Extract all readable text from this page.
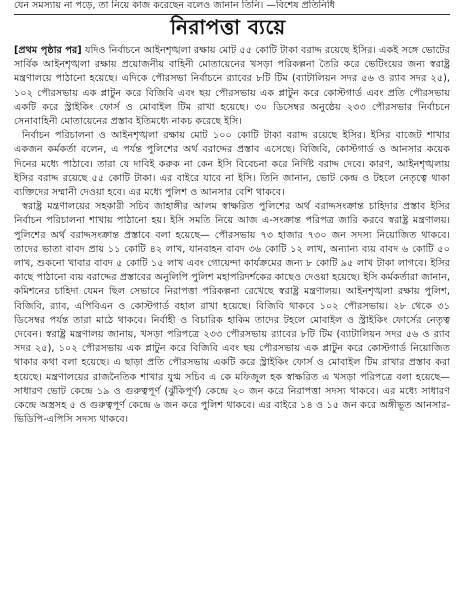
যেন সমস্যায় না পড়ে, তা নিয়ে কাজ করেছেন বলেও জানান তিনি। —বিশেষ প্রতিনিধি
নিরাপত্তা ব্যয়ে

[প্রথম পৃষ্ঠার পর] যদিও নির্বাচনে আইনশৃঙ্খলা রক্ষায় মোট ৫৫ কোটি টাকা বরাদ্দ রয়েছে ইসির। একই সঙ্গে ভোটের সার্বিক আইনশৃঙ্খলা রক্ষায় প্রয়োজনীয় বাহিনী মোতায়েনের খসড়া পরিকল্পনা তৈরি করে ভেটিংয়ের জন্য স্বরাষ্ট্র মন্ত্রণালয়ে পাঠানো হয়েছে। এদিকে পৌরসভা নির্বাচনে র‍্যাবের ৮টি টিম (ব্যাটালিয়ন সদর ৫৬ ও র‍্যাব সদর ২৫), ১০২ পৌরসভায় এক প্লাটুন করে বিজিবি এবং ছয় পৌরসভায় এক প্লাটুন করে কোস্টগার্ড এবং প্রতি পৌরসভায় একটি করে স্ট্রাইকিং ফোর্স ও মোবাইল টিম রাখা হয়েছে। ৩০ ডিসেম্বর অনুষ্ঠেয় ২৩৩ পৌরসভার নির্বাচনে সেনাবাহিনী মোতায়েনের প্রস্তাব ইতিমধ্যে নাকচ করেছে ইসি।

নির্বাচন পরিচালনা ও আইনশৃঙ্খলা রক্ষায় মোট ১০০ কোটি টাকা বরাদ্দ রয়েছে ইসির। ইসির বাজেট শাখার একজন কর্মকর্তা বলেন, এ পর্যন্ত পুলিশের অর্থ বরাদ্দের প্রস্তাব এসেছে। বিজিবি, কোস্টগার্ড ও আনসার কয়েক দিনের মধ্যে পাঠাবে। তারা যে দাবিই করুক না কেন ইসি বিবেচনা করে নির্দিষ্ট বরাদ্দ দেবে। কারণ, আইনশৃঙ্খলায় ইসির বরাদ্দ রয়েছে ৫৫ কোটি টাকা। এর বাইরে যাবে না ইসি। তিনি জানান, ভোট কেন্দ্র ও টহলে নেতৃত্বে থাকা ব্যক্তিদের সম্মানী দেওয়া হবে। এর মধ্যে পুলিশ ও আনসার বেশি থাকবে।

স্বরাষ্ট্র মন্ত্রণালয়ের সহকারী সচিব জাহাঙ্গীর আলম স্বাক্ষরিত পুলিশের অর্থ বরাদ্দসংক্রান্ত চাহিদার প্রস্তাব ইসির নির্বাচন পরিচালনা শাখায় পাঠানো হয়। ইসি সমতি নিয়ে আজ এ-সংক্রান্ত পরিপত্র জারি করবে স্বরাষ্ট্র মন্ত্রণালয়। পুলিশের অর্থ বরাদ্দসংক্রান্ত প্রস্তাবে বলা হয়েছে— পৌরসভায় ৭৩ হাজার ৭৩০ জন সদস্য নিয়োজিত থাকবে। তাদের ভাতা বাবদ প্রায় ১১ কোটি ৪২ লাখ, যানবাহন বাবদ ৩৬ কোটি ১২ লাখ, অন্যান্য ব্যয় বাবদ ৬ কোটি ৫০ লাখ, শুকনো খাবার বাবদ ৫ কোটি ১৫ লাখ এবং গোয়েন্দা কার্যক্রমের জন্য ৮ কোটি ৯৫ লাখ টাকা লাগবে। ইসির কাছে পাঠানো ব্যয় বরাদ্দের প্রস্তাবের অনুলিপি পুলিশ মহাপরিদর্শকের কাছেও দেওয়া হয়েছে। ইসি কর্মকর্তারা জানান, কমিশনের চাহিদা যেমন ছিল সেভাবে নিরাপত্তা পরিকল্পনা রেখেছে স্বরাষ্ট্র মন্ত্রণালয়। আইনশৃঙ্খলা রক্ষায় পুলিশ, বিজিবি, র‍্যাব, এপিবিএন ও কোস্টগার্ড বহাল রাখা হয়েছে। বিজিবি থাকবে ১০২ পৌরসভায়। ২৮ থেকে ৩১ ডিসেম্বর পর্যন্ত তারা মাঠে থাকবে। নির্বাহী ও বিচারিক হাকিম তাদের টহলে মোবাইল ও স্ট্রাইকিং ফোর্সের নেতৃত্ব দেবেন। স্বরাষ্ট্র মন্ত্রণালয় জানায়, খসড়া পরিপত্রে ২৩৩ পৌরসভায় র‍্যাবের ৮টি টিম (ব্যাটালিয়ন সদর ৫৬ ও র‍্যাব সদর ২৫), ১০২ পৌরসভায় এক প্লাটুন করে বিজিবি এবং ছয় পৌরসভায় এক প্লাটুন করে কোস্টগার্ড নিয়োজিত থাকার কথা বলা হয়েছে। এ ছাড়া প্রতি পৌরসভায় একটি করে স্ট্রাইকিং ফোর্স ও মোবাইল টিম রাখার প্রস্তাব করা হয়েছে। মন্ত্রণালয়ের রাজনৈতিক শাখার যুগ্ম সচিব এ কে মফিজুল হক স্বাক্ষরিত এ খসড়া পরিপত্রে বলা হয়েছে— সাধারণ ভোট কেন্দ্রে ১৯ ও গুরুত্বপূর্ণ (ঝুঁকিপূর্ণ) কেন্দ্রে ২০ জন করে নিরাপত্তা সদস্য থাকবে। এর মধ্যে সাধারণ কেন্দ্রে অস্ত্রসহ ৫ ও গুরুত্বপূর্ণ কেন্দ্রে ৬ জন করে পুলিশ থাকবে। এর বাইরে ১৪ ও ১৫ জন করে অঙ্গীভূত আনসার-ভিডিপি-এপিসি সদস্য থাকবে।
